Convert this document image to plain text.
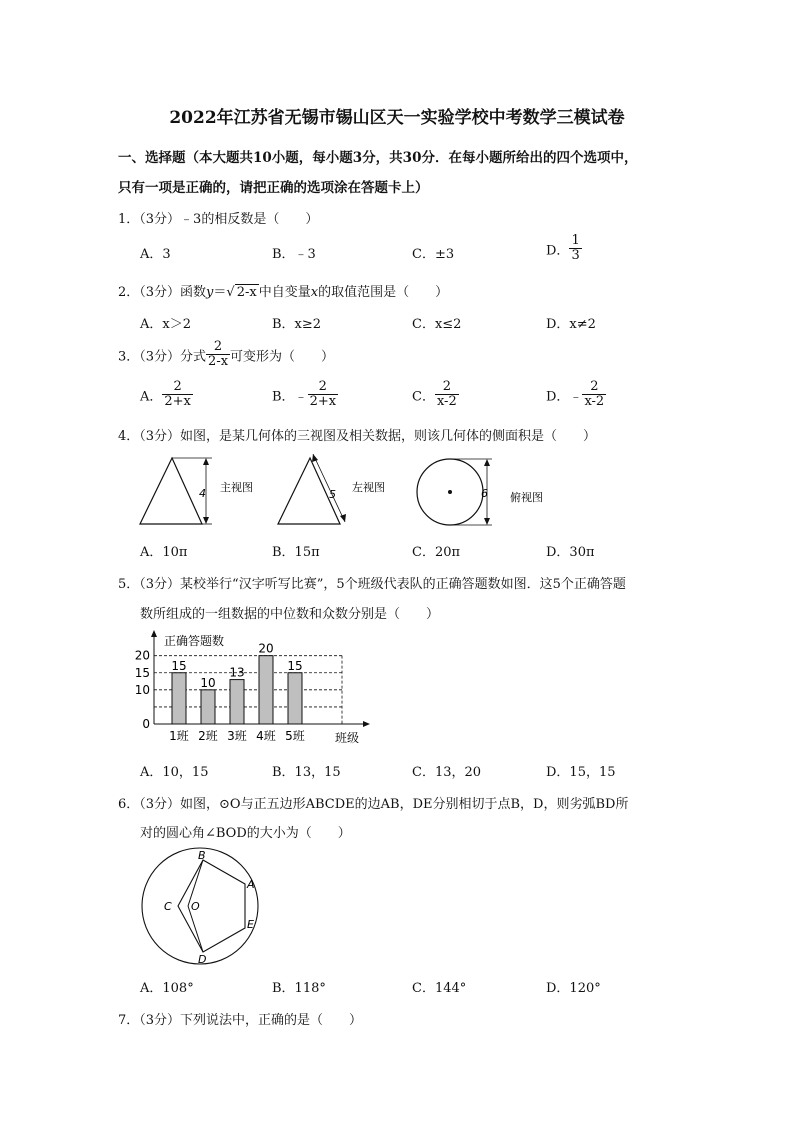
2022年江苏省无锡市锡山区天一实验学校中考数学三模试卷
一、选择题（本大题共10小题，每小题3分，共30分．在每小题所给出的四个选项中，
只有一项是正确的，请把正确的选项涂在答题卡上）
1．（3分）﹣3的相反数是（　　）
A．3	B．﹣3	C．±3	D． $\frac{1}{3}$
2．（3分）函数y＝√ 2-x 中自变量x的取值范围是（　　）
A．x＞2	B．x≥2	C．x≤2	D．x≠2
3．（3分）分式 $\frac{2}{2-x}$ 可变形为（　　）
A． $\frac{2}{2+x}$	B．﹣ $\frac{2}{2+x}$	C． $\frac{2}{x-2}$	D．﹣ $\frac{2}{x-2}$
4．（3分）如图，是某几何体的三视图及相关数据，则该几何体的侧面积是（　　）
4 主视图
5
左视图	6 俯视图
A．10π	B．15π	C．20π	D．30π
5．（3分）某校举行“汉字听写比赛”，5个班级代表队的正确答题数如图．这5个正确答题
数所组成的一组数据的中位数和众数分别是（　　）
正确答题数
班级
0
10
15
20
15
1班
10
2班
13
3班
20
4班
15
5班
A．10，15	B．13，15	C．13，20	D．15，15
6．（3分）如图，⊙O与正五边形ABCDE的边AB，DE分别相切于点B，D，则劣弧BD所
对的圆心角∠BOD的大小为（　　）
B
A
E
D
C O
A．108°	B．118°	C．144°	D．120°
7．（3分）下列说法中，正确的是（　　）
